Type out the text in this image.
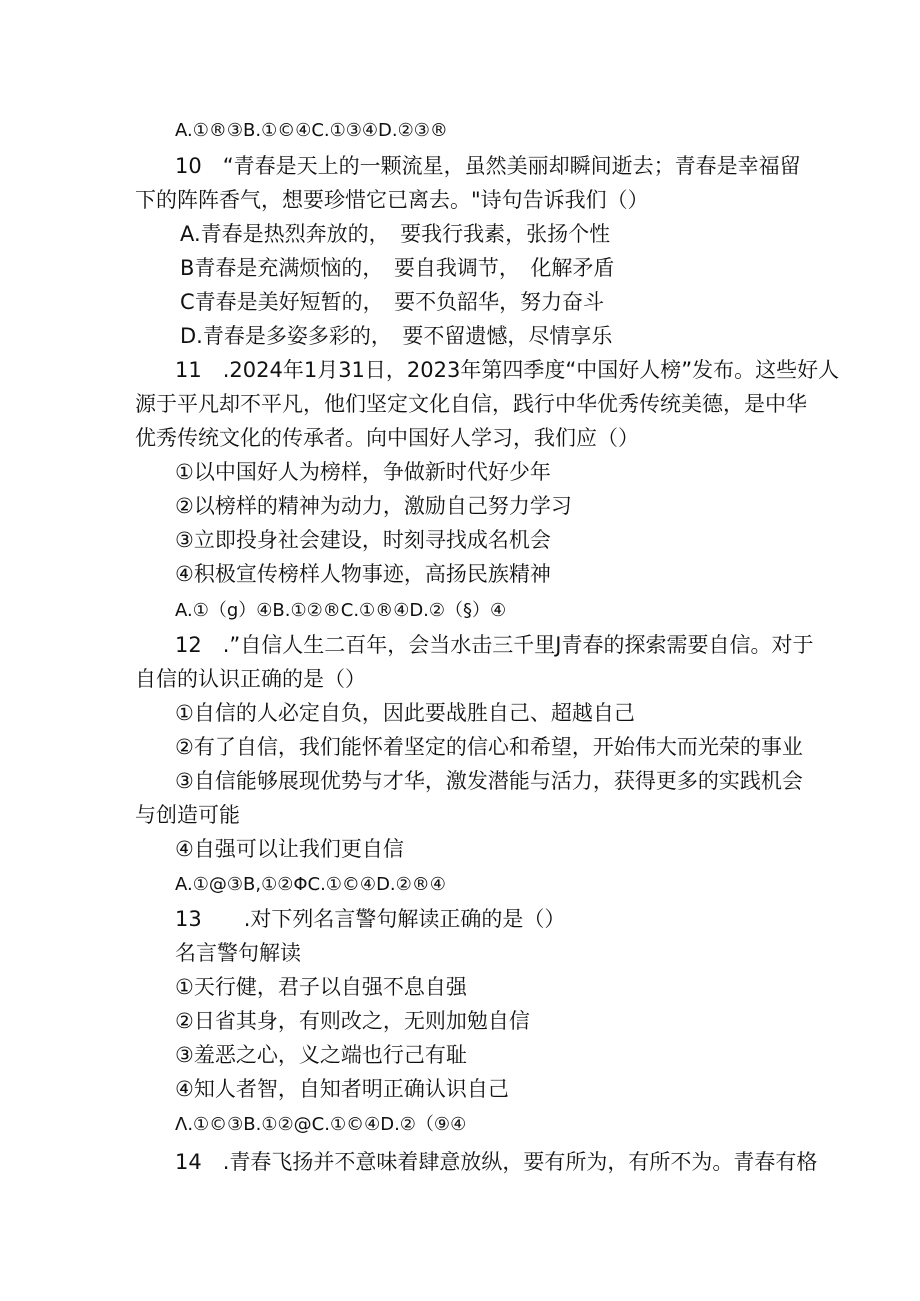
A.①®③B.①©④C.①③④D.②③®
10　“青春是天上的一颗流星，虽然美丽却瞬间逝去；青春是幸福留
下的阵阵香气，想要珍惜它已离去。"诗句告诉我们（）
A.青春是热烈奔放的，　要我行我素，张扬个性
B青春是充满烦恼的，　要自我调节，　化解矛盾
C青春是美好短暂的，　要不负韶华，努力奋斗
D.青春是多姿多彩的，　要不留遗憾，尽情享乐
11　.2024年1月31日，2023年第四季度“中国好人榜”发布。这些好人
源于平凡却不平凡，他们坚定文化自信，践行中华优秀传统美德，是中华
优秀传统文化的传承者。向中国好人学习，我们应（）
①以中国好人为榜样，争做新时代好少年
②以榜样的精神为动力，激励自己努力学习
③立即投身社会建设，时刻寻找成名机会
④积极宣传榜样人物事迹，高扬民族精神
A.①（g）④B.①②®C.①®④D.②（§）④
12　.”自信人生二百年，会当水击三千里J青春的探索需要自信。对于
自信的认识正确的是（）
①自信的人必定自负，因此要战胜自己、超越自己
②有了自信，我们能怀着坚定的信心和希望，开始伟大而光荣的事业
③自信能够展现优势与才华，激发潜能与活力，获得更多的实践机会
与创造可能
④自强可以让我们更自信
A.①@③B,①②ΦC.①©④D.②®④
13　　.对下列名言警句解读正确的是（）
名言警句解读
①天行健，君子以自强不息自强
②日省其身，有则改之，无则加勉自信
③羞恶之心，义之端也行己有耻
④知人者智，自知者明正确认识自己
Λ.①©③B.①②@C.①©④D.②（⑨④
14　.青春飞扬并不意味着肆意放纵，要有所为，有所不为。青春有格
